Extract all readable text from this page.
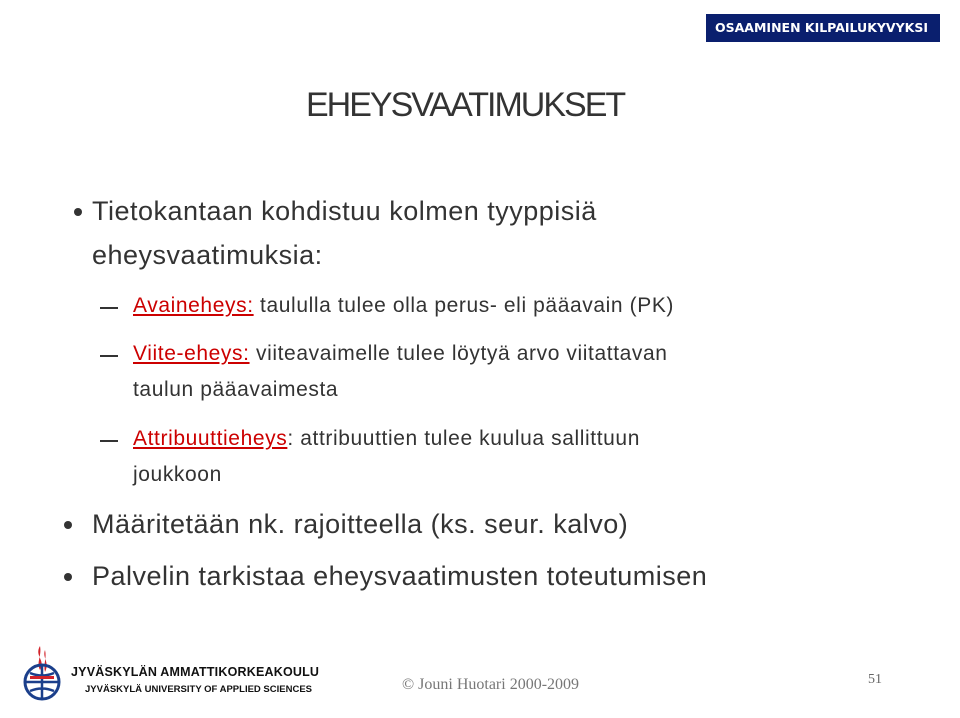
OSAAMINEN KILPAILUKYVYKSI
EHEYSVAATIMUKSET
Tietokantaan kohdistuu kolmen tyyppisiä
eheysvaatimuksia:
Avaineheys: taululla tulee olla perus- eli pääavain (PK)
Viite-eheys: viiteavaimelle tulee löytyä arvo viitattavan
taulun pääavaimesta
Attribuuttieheys: attribuuttien tulee kuulua sallittuun
joukkoon
Määritetään nk. rajoitteella (ks. seur. kalvo)
Palvelin tarkistaa eheysvaatimusten toteutumisen
JYVÄSKYLÄN AMMATTIKORKEAKOULU
JYVÄSKYLÄ UNIVERSITY OF APPLIED SCIENCES	© Jouni Huotari 2000-2009	51
